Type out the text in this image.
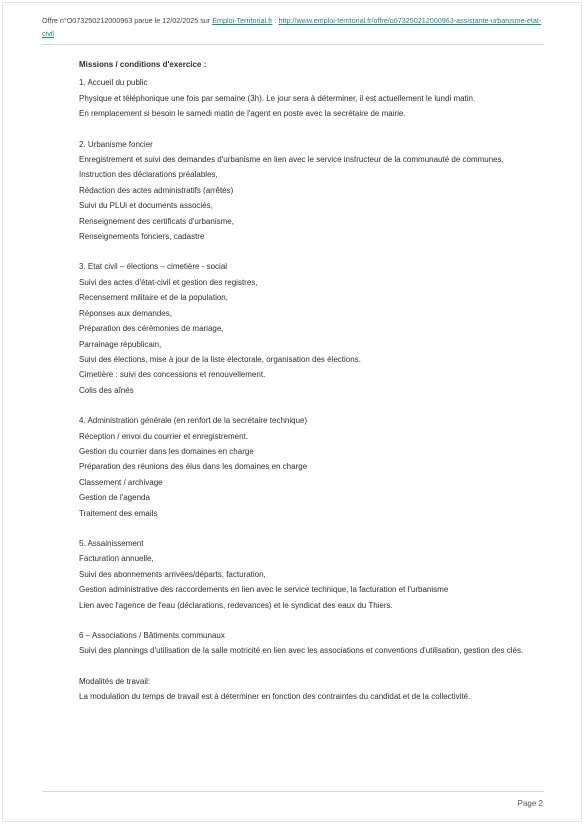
Offre n°O073250212000963 parue le 12/02/2025 sur Emploi-Territorial.fr : http://www.emploi-territorial.fr/offre/o073250212000963-assistante-urbanisme-etat-civil

Missions / conditions d'exercice :

1. Accueil du public

Physique et téléphonique une fois par semaine (3h). Le jour sera à déterminer, il est actuellement le lundi matin.

En remplacement si besoin le samedi matin de l'agent en poste avec la secrétaire de mairie.

2. Urbanisme foncier

Enregistrement et suivi des demandes d'urbanisme en lien avec le service instructeur de la communauté de communes,

Instruction des déclarations préalables,

Rédaction des actes administratifs (arrêtés)

Suivi du PLUi et documents associés,

Renseignement des certificats d'urbanisme,

Renseignements fonciers, cadastre

3. Etat civil – élections – cimetière - social

Suivi des actes d'état-civil et gestion des registres,

Recensement militaire et de la population,

Réponses aux demandes,

Préparation des cérémonies de mariage,

Parrainage républicain,

Suivi des élections, mise à jour de la liste électorale, organisation des élections.

Cimetière : suivi des concessions et renouvellement.

Colis des aînés

4. Administration générale (en renfort de la secrétaire technique)

Réception / envoi du courrier et enregistrement.

Gestion du courrier dans les domaines en charge

Préparation des réunions des élus dans les domaines en charge

Classement / archivage

Gestion de l'agenda

Traitement des emails

5. Assainissement

Facturation annuelle,

Suivi des abonnements arrivées/départs, facturation,

Gestion administrative des raccordements en lien avec le service technique, la facturation et l'urbanisme

Lien avec l'agence de l'eau (déclarations, redevances) et le syndicat des eaux du Thiers.

6 – Associations / Bâtiments communaux

Suivi des plannings d'utilisation de la salle motricité en lien avec les associations et conventions d'utilisation, gestion des clés.

Modalités de travail:

La modulation du temps de travail est à déterminer en fonction des contraintes du candidat et de la collectivité.

Page 2
